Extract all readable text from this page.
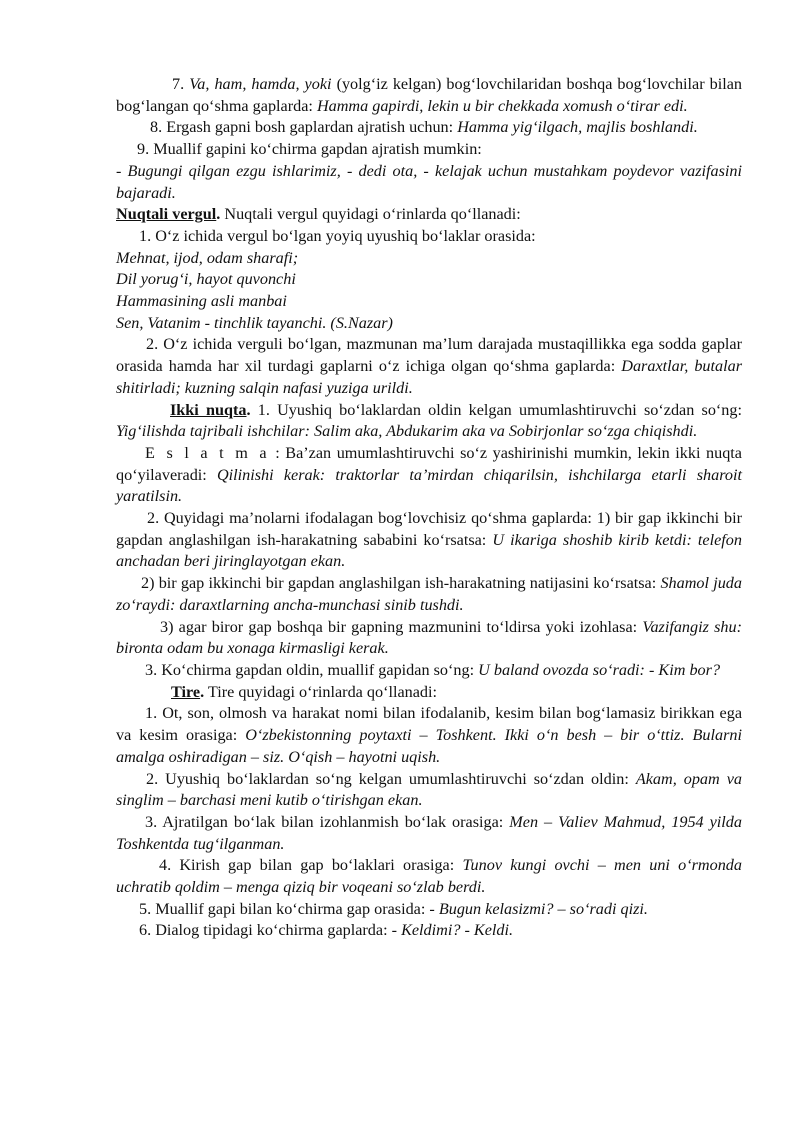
7. Va, ham, hamda, yoki (yolg‘iz kelgan) bog‘lovchilaridan boshqa bog‘lovchilar bilan bog‘langan qo‘shma gaplarda: Hamma gapirdi, lekin u bir chekkada xomush o‘tirar edi.

8. Ergash gapni bosh gaplardan ajratish uchun: Hamma yig‘ilgach, majlis boshlandi.

9. Muallif gapini ko‘chirma gapdan ajratish mumkin:

- Bugungi qilgan ezgu ishlarimiz, - dedi ota, - kelajak uchun mustahkam poydevor vazifasini bajaradi.

Nuqtali vergul. Nuqtali vergul quyidagi o‘rinlarda qo‘llanadi:

1. O‘z ichida vergul bo‘lgan yoyiq uyushiq bo‘laklar orasida:

Mehnat, ijod, odam sharafi;

Dil yorug‘i, hayot quvonchi

Hammasining asli manbai

Sen, Vatanim - tinchlik tayanchi. (S.Nazar)

2. O‘z ichida verguli bo‘lgan, mazmunan ma’lum darajada mustaqillikka ega sodda gaplar orasida hamda har xil turdagi gaplarni o‘z ichiga olgan qo‘shma gaplarda: Daraxtlar, butalar shitirladi; kuzning salqin nafasi yuziga urildi.

Ikki nuqta. 1. Uyushiq bo‘laklardan oldin kelgan umumlashtiruvchi so‘zdan so‘ng: Yig‘ilishda tajribali ishchilar: Salim aka, Abdukarim aka va Sobirjonlar so‘zga chiqishdi.

E s l a t m a : Ba’zan umumlashtiruvchi so‘z yashirinishi mumkin, lekin ikki nuqta qo‘yilaveradi: Qilinishi kerak: traktorlar ta’mirdan chiqarilsin, ishchilarga etarli sharoit yaratilsin.

2. Quyidagi ma’nolarni ifodalagan bog‘lovchisiz qo‘shma gaplarda: 1) bir gap ikkinchi bir gapdan anglashilgan ish-harakatning sababini ko‘rsatsa: U ikariga shoshib kirib ketdi: telefon anchadan beri jiringlayotgan ekan.

2) bir gap ikkinchi bir gapdan anglashilgan ish-harakatning natijasini ko‘rsatsa: Shamol juda zo‘raydi: daraxtlarning ancha-munchasi sinib tushdi.

3) agar biror gap boshqa bir gapning mazmunini to‘ldirsa yoki izohlasa: Vazifangiz shu: bironta odam bu xonaga kirmasligi kerak.

3. Ko‘chirma gapdan oldin, muallif gapidan so‘ng: U baland ovozda so‘radi: - Kim bor?

Tire. Tire quyidagi o‘rinlarda qo‘llanadi:

1. Ot, son, olmosh va harakat nomi bilan ifodalanib, kesim bilan bog‘lamasiz birikkan ega va kesim orasiga: O‘zbekistonning poytaxti – Toshkent. Ikki o‘n besh – bir o‘ttiz. Bularni amalga oshiradigan – siz. O‘qish – hayotni uqish.

2. Uyushiq bo‘laklardan so‘ng kelgan umumlashtiruvchi so‘zdan oldin: Akam, opam va singlim – barchasi meni kutib o‘tirishgan ekan.

3. Ajratilgan bo‘lak bilan izohlanmish bo‘lak orasiga: Men – Valiev Mahmud, 1954 yilda Toshkentda tug‘ilganman.

4. Kirish gap bilan gap bo‘laklari orasiga: Tunov kungi ovchi – men uni o‘rmonda uchratib qoldim – menga qiziq bir voqeani so‘zlab berdi.

5. Muallif gapi bilan ko‘chirma gap orasida: - Bugun kelasizmi? – so‘radi qizi.

6. Dialog tipidagi ko‘chirma gaplarda: - Keldimi? - Keldi.
